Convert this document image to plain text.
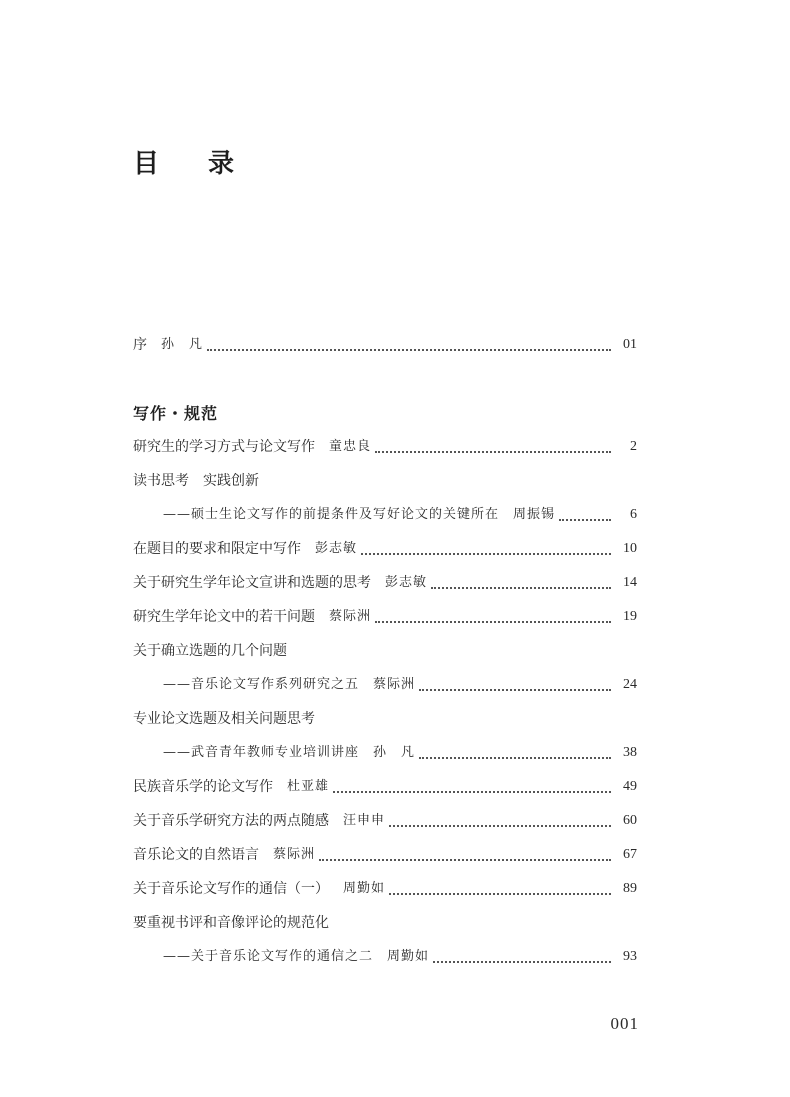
目 录
序 孙　凡	01
写作・规范
研究生的学习方式与论文写作 童忠良	2
读书思考　实践创新
——硕士生论文写作的前提条件及写好论文的关键所在 周振锡	6
在题目的要求和限定中写作 彭志敏	10
关于研究生学年论文宣讲和选题的思考 彭志敏	14
研究生学年论文中的若干问题 蔡际洲	19
关于确立选题的几个问题
——音乐论文写作系列研究之五 蔡际洲	24
专业论文选题及相关问题思考
——武音青年教师专业培训讲座 孙　凡	38
民族音乐学的论文写作 杜亚雄	49
关于音乐学研究方法的两点随感 汪申申	60
音乐论文的自然语言 蔡际洲	67
关于音乐论文写作的通信（一） 周勤如	89
要重视书评和音像评论的规范化
——关于音乐论文写作的通信之二 周勤如	93
001
